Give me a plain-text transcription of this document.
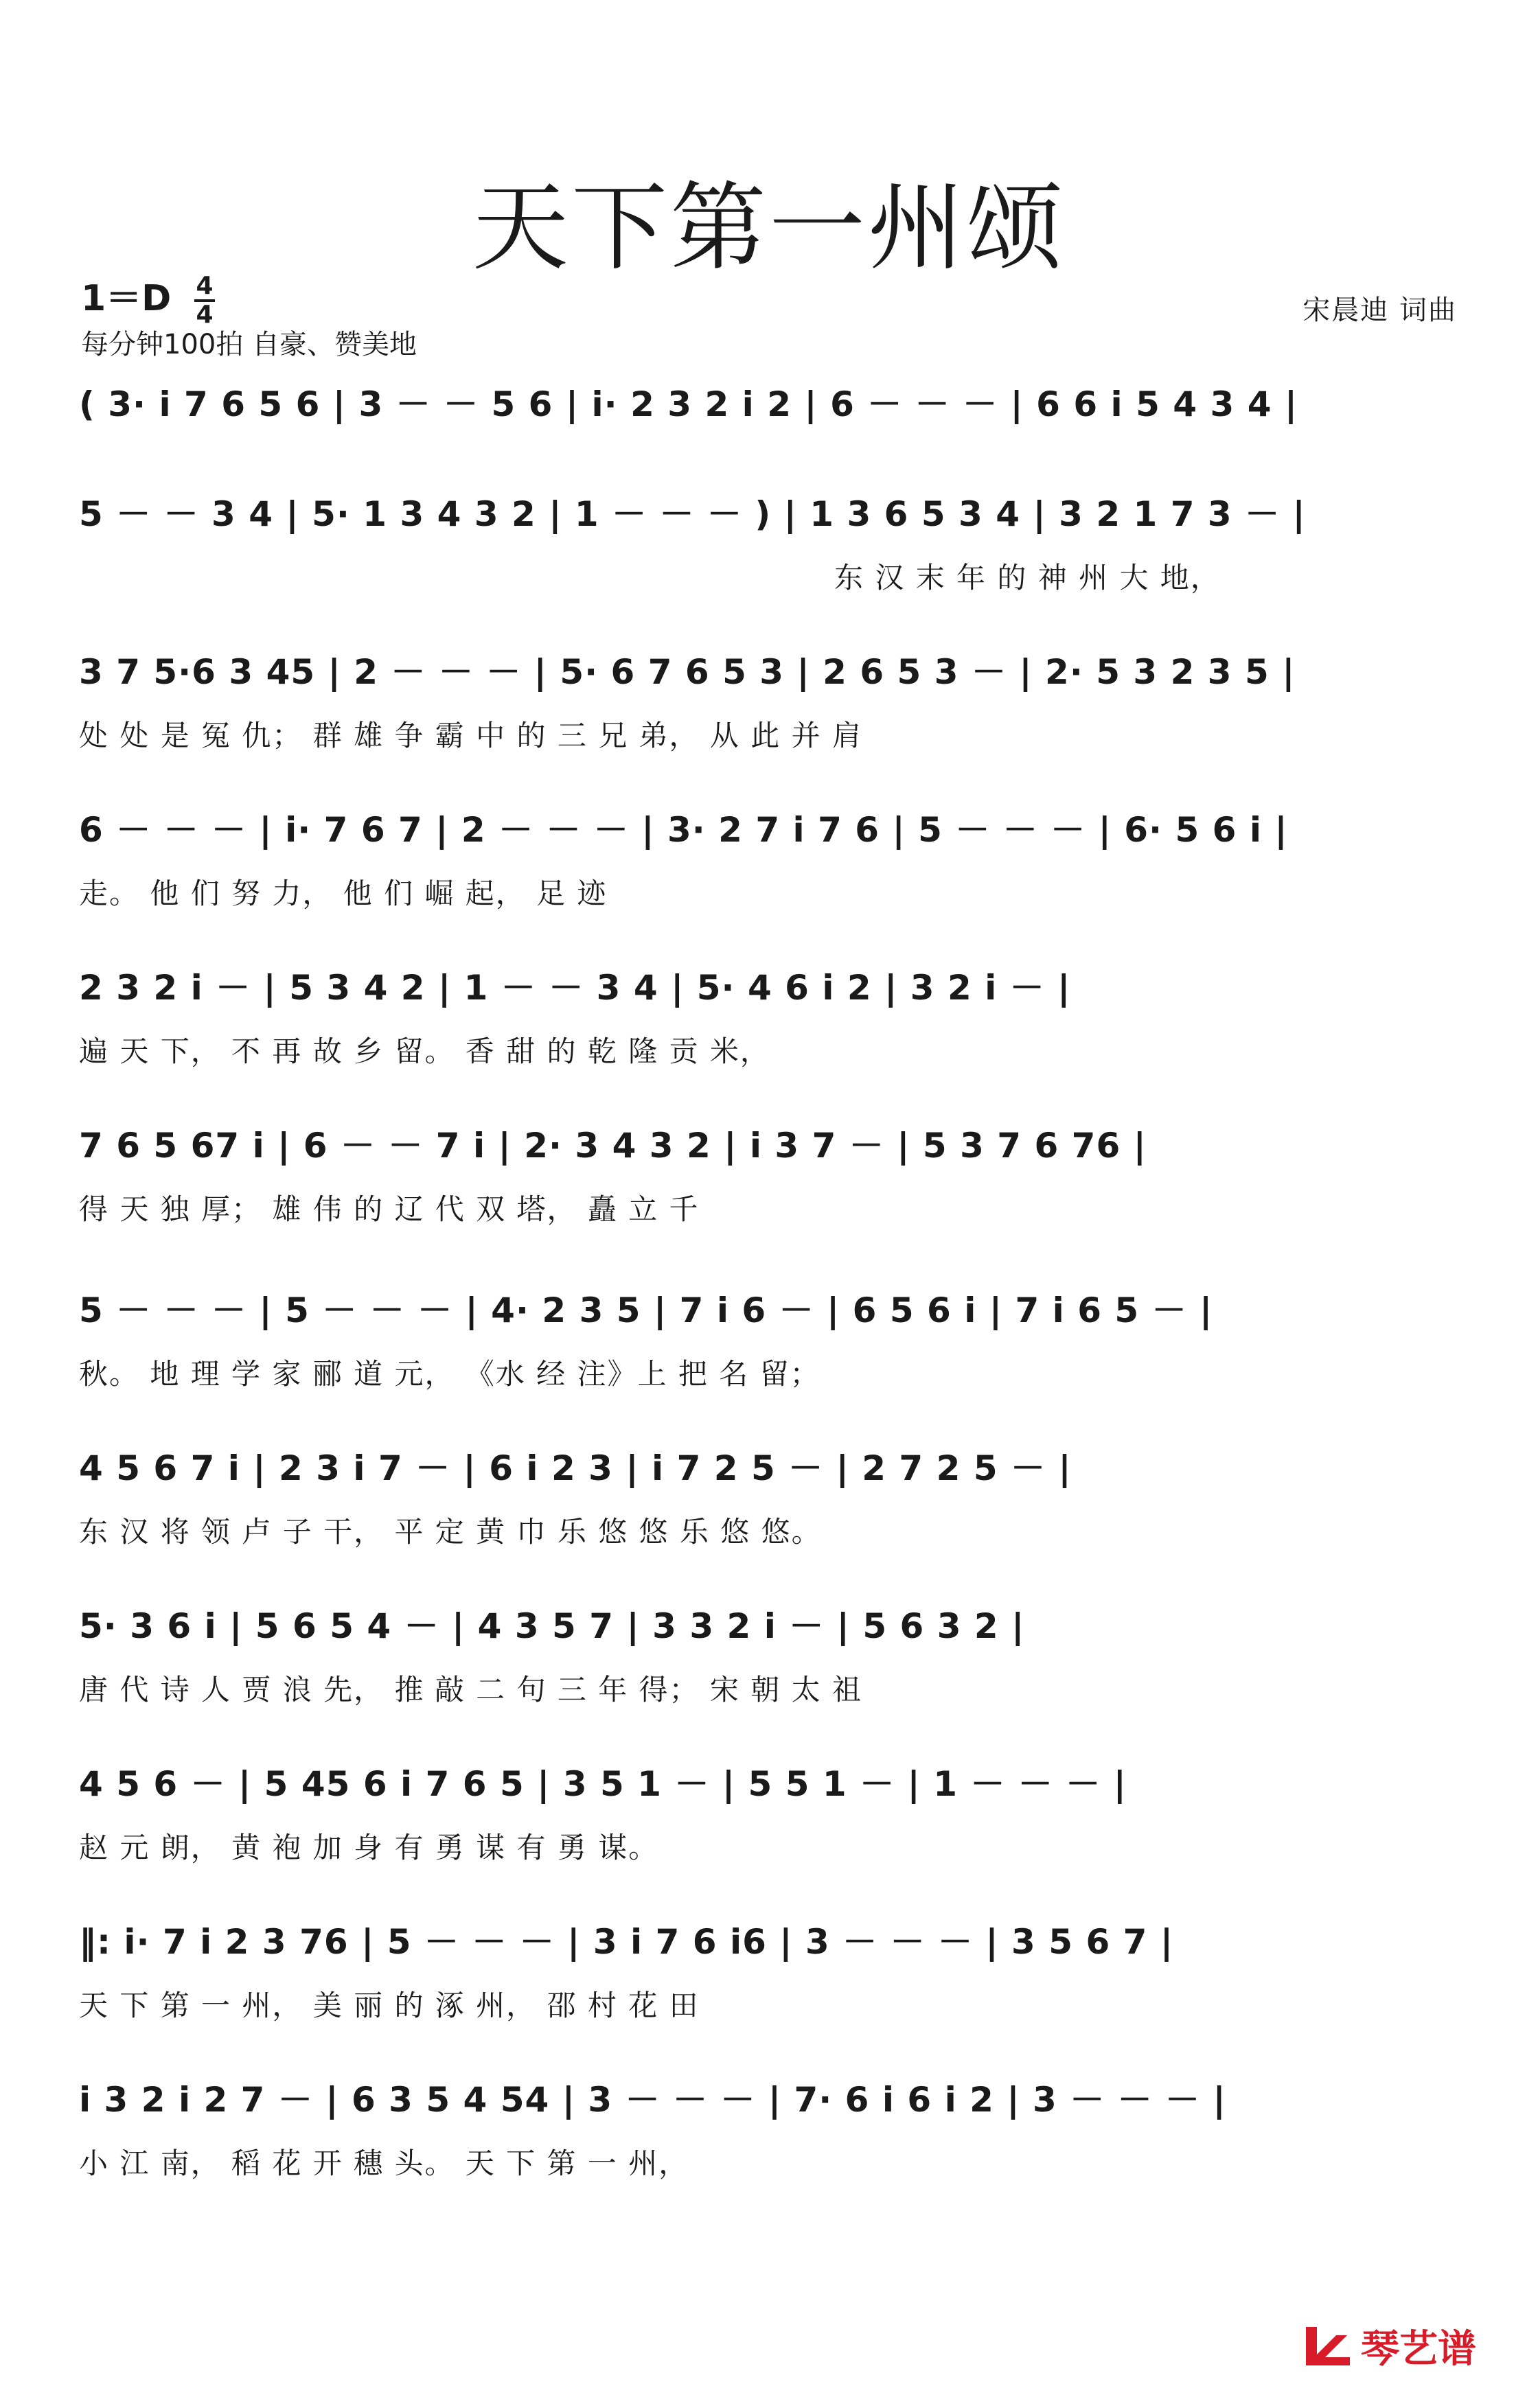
天下第一州颂
$1=D \frac{4}{4}$
每分钟100拍 自豪、赞美地
宋晨迪 词曲
( 3· i 7 6 5 6 | 3 － － 5 6 | i· 2 3 2 i 2 | 6 － － － | 6 6 i 5 4 3 4 |
5 － － 3 4 | 5· 1 3 4 3 2 | 1 － － － ) | 1 3 6 5 3 4 | 3 2 1 7 3 － |
东 汉 末 年 的 神 州 大 地，
3 7 5·6 3 45 | 2 － － － | 5· 6 7 6 5 3 | 2 6 5 3 － | 2· 5 3 2 3 5 |
处 处 是 冤 仇； 群 雄 争 霸 中 的 三 兄 弟， 从 此 并 肩
6 － － － | i· 7 6 7 | 2 － － － | 3· 2 7 i 7 6 | 5 － － － | 6· 5 6 i |
走。 他 们 努 力， 他 们 崛 起， 足 迹
2 3 2 i － | 5 3 4 2 | 1 － － 3 4 | 5· 4 6 i 2 | 3 2 i － |
遍 天 下， 不 再 故 乡 留。 香 甜 的 乾 隆 贡 米，
7 6 5 67 i | 6 － － 7 i | 2· 3 4 3 2 | i 3 7 － | 5 3 7 6 76 |
得 天 独 厚； 雄 伟 的 辽 代 双 塔， 矗 立 千
5 － － － | 5 － － － | 4· 2 3 5 | 7 i 6 － | 6 5 6 i | 7 i 6 5 － |
秋。 地 理 学 家 郦 道 元， 《水 经 注》上 把 名 留；
4 5 6 7 i | 2 3 i 7 － | 6 i 2 3 | i 7 2 5 － | 2 7 2 5 － |
东 汉 将 领 卢 子 干， 平 定 黄 巾 乐 悠 悠 乐 悠 悠。
5· 3 6 i | 5 6 5 4 － | 4 3 5 7 | 3 3 2 i － | 5 6 3 2 |
唐 代 诗 人 贾 浪 先， 推 敲 二 句 三 年 得； 宋 朝 太 祖
4 5 6 － | 5 45 6 i 7 6 5 | 3 5 1 － | 5 5 1 － | 1 － － － |
赵 元 朗， 黄 袍 加 身 有 勇 谋 有 勇 谋。
‖: i· 7 i 2 3 76 | 5 － － － | 3 i 7 6 i6 | 3 － － － | 3 5 6 7 |
天 下 第 一 州， 美 丽 的 涿 州， 邵 村 花 田
i 3 2 i 2 7 － | 6 3 5 4 54 | 3 － － － | 7· 6 i 6 i 2 | 3 － － － |
小 江 南， 稻 花 开 穗 头。 天 下 第 一 州，
琴艺谱
